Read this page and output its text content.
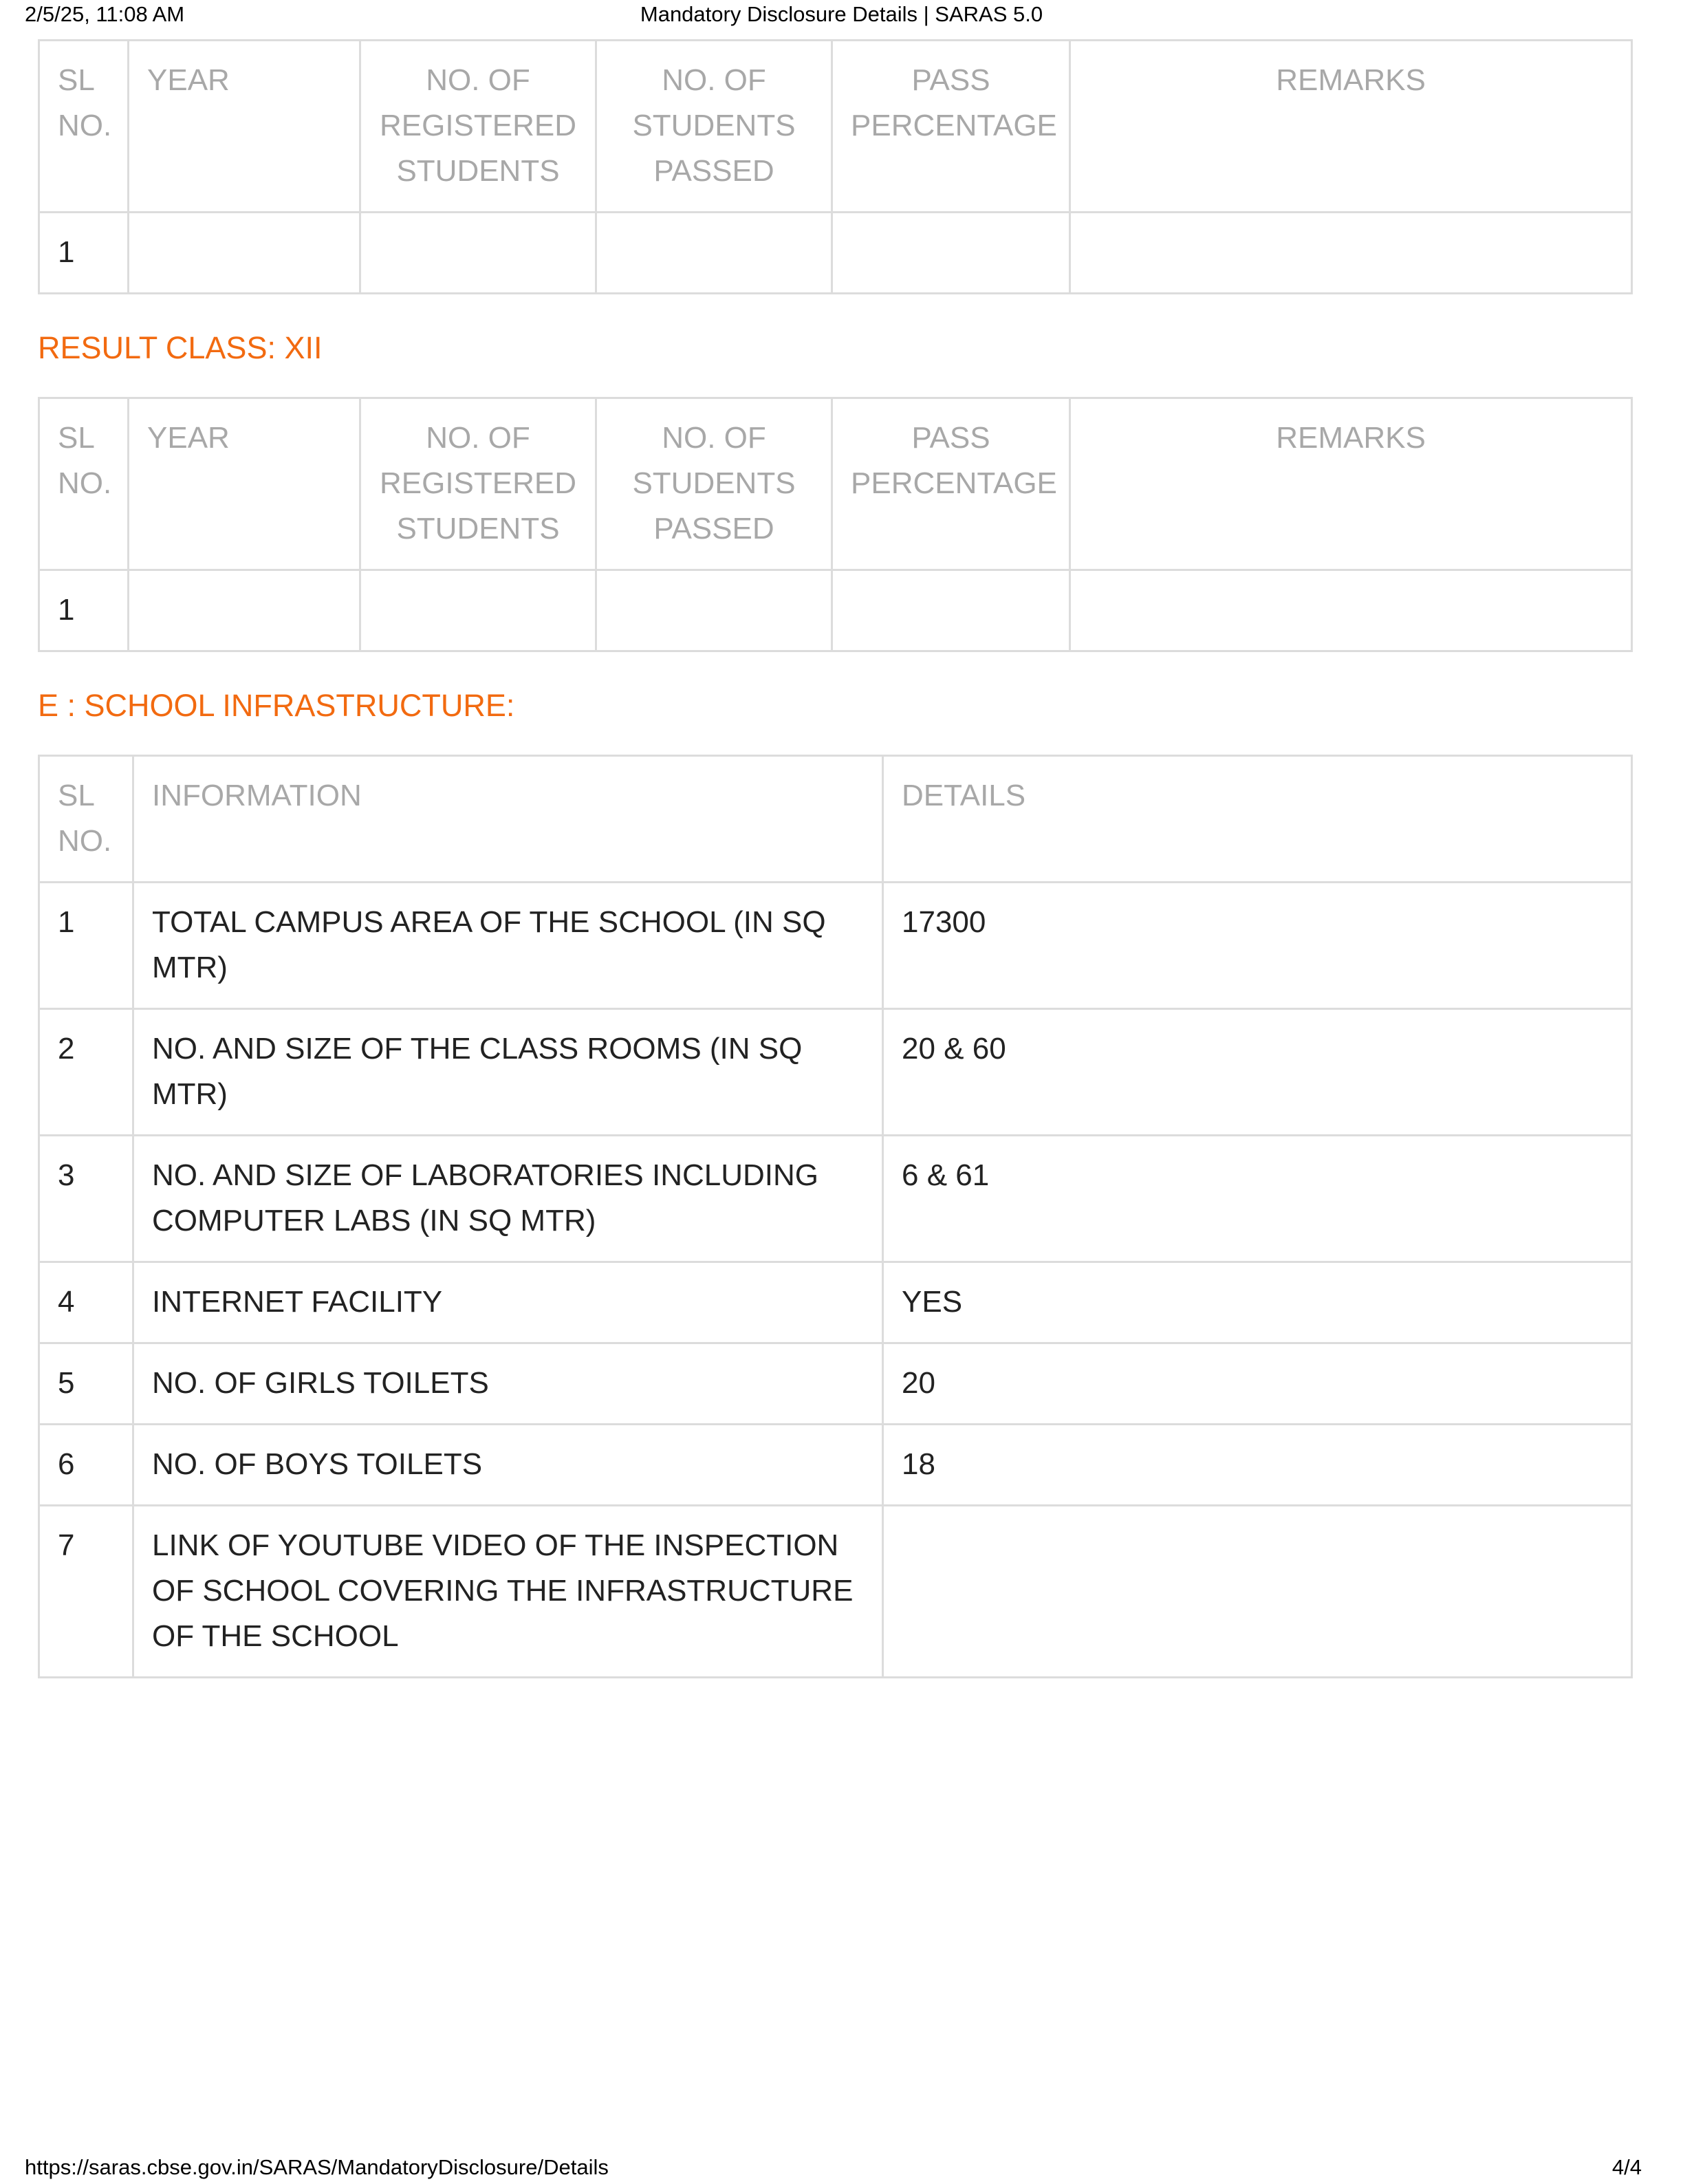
2/5/25, 11:08 AM	Mandatory Disclosure Details | SARAS 5.0
SL NO.	YEAR	NO. OF REGISTERED STUDENTS	NO. OF STUDENTS PASSED	PASS PERCENTAGE	REMARKS
1					
RESULT CLASS: XII
SL NO.	YEAR	NO. OF REGISTERED STUDENTS	NO. OF STUDENTS PASSED	PASS PERCENTAGE	REMARKS
1					
E : SCHOOL INFRASTRUCTURE:
SL NO.	INFORMATION	DETAILS
1	TOTAL CAMPUS AREA OF THE SCHOOL (IN SQ MTR)	17300
2	NO. AND SIZE OF THE CLASS ROOMS (IN SQ MTR)	20 & 60
3	NO. AND SIZE OF LABORATORIES INCLUDING COMPUTER LABS (IN SQ MTR)	6 & 61
4	INTERNET FACILITY	YES
5	NO. OF GIRLS TOILETS	20
6	NO. OF BOYS TOILETS	18
7	LINK OF YOUTUBE VIDEO OF THE INSPECTION OF SCHOOL COVERING THE INFRASTRUCTURE OF THE SCHOOL	
https://saras.cbse.gov.in/SARAS/MandatoryDisclosure/Details	4/4
